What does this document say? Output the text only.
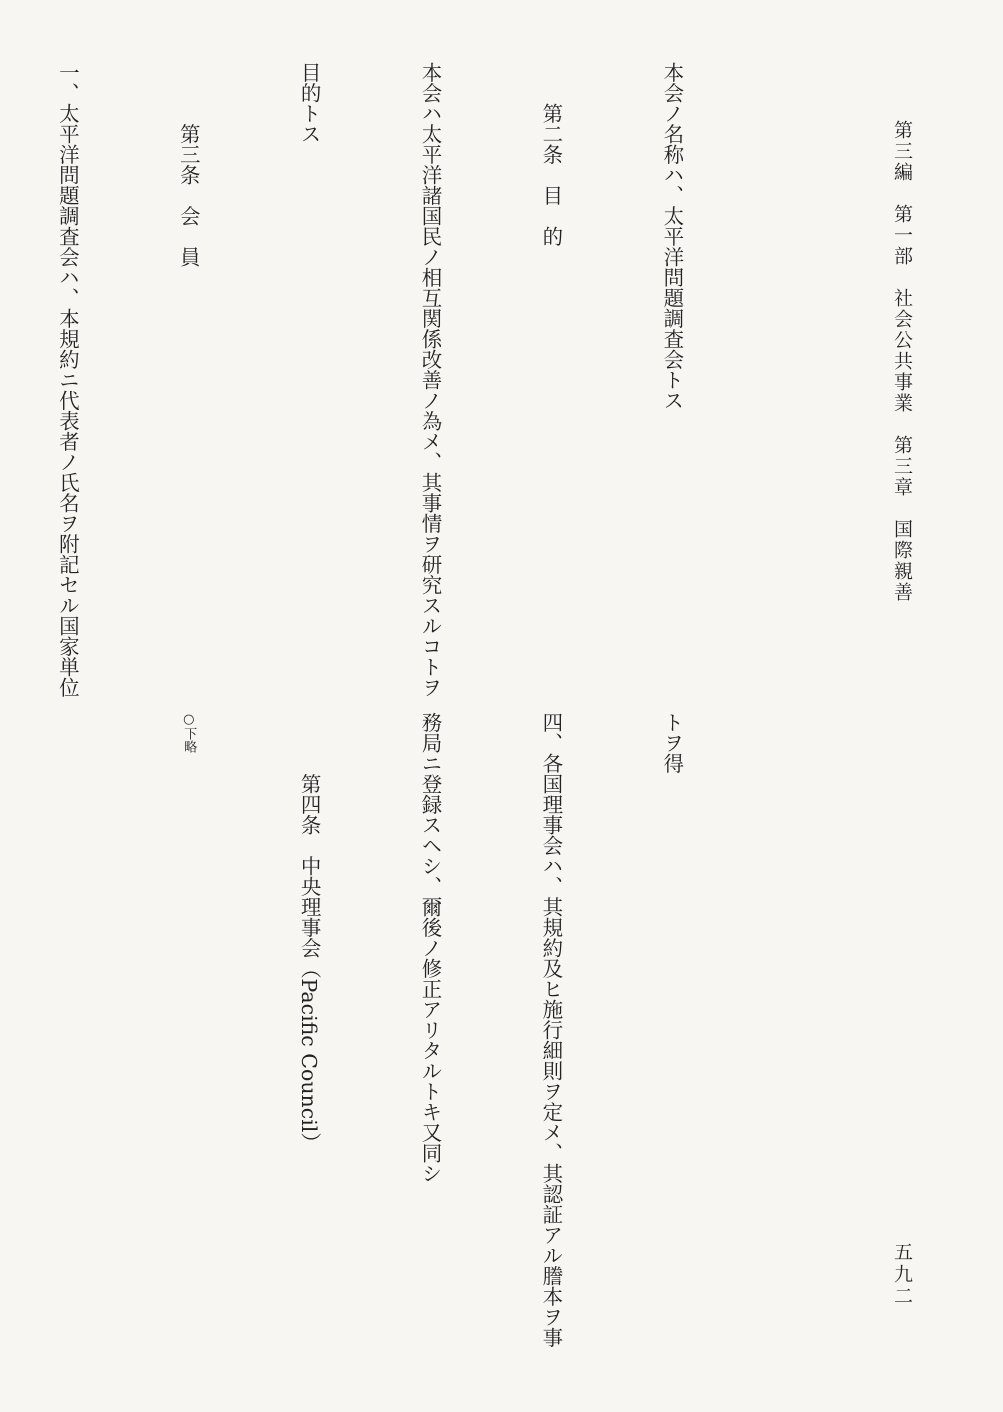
第三編　第一部　社会公共事業　第三章　国際親善

本会ノ名称ハ、太平洋問題調査会トス

　　第二条　目　的

本会ハ太平洋諸国民ノ相互関係改善ノ為メ、其事情ヲ研究スルコトヲ

目的トス

　　　第三条　会　員

一、太平洋問題調査会ハ、本規約ニ代表者ノ氏名ヲ附記セル国家単位

トヲ得

四、各国理事会ハ、其規約及ヒ施行細則ヲ定メ、其認証アル謄本ヲ事

務局ニ登録スヘシ、爾後ノ修正アリタルトキ又同シ

　　　第四条　中央理事会（Pacific Council）

○下略

五九二
